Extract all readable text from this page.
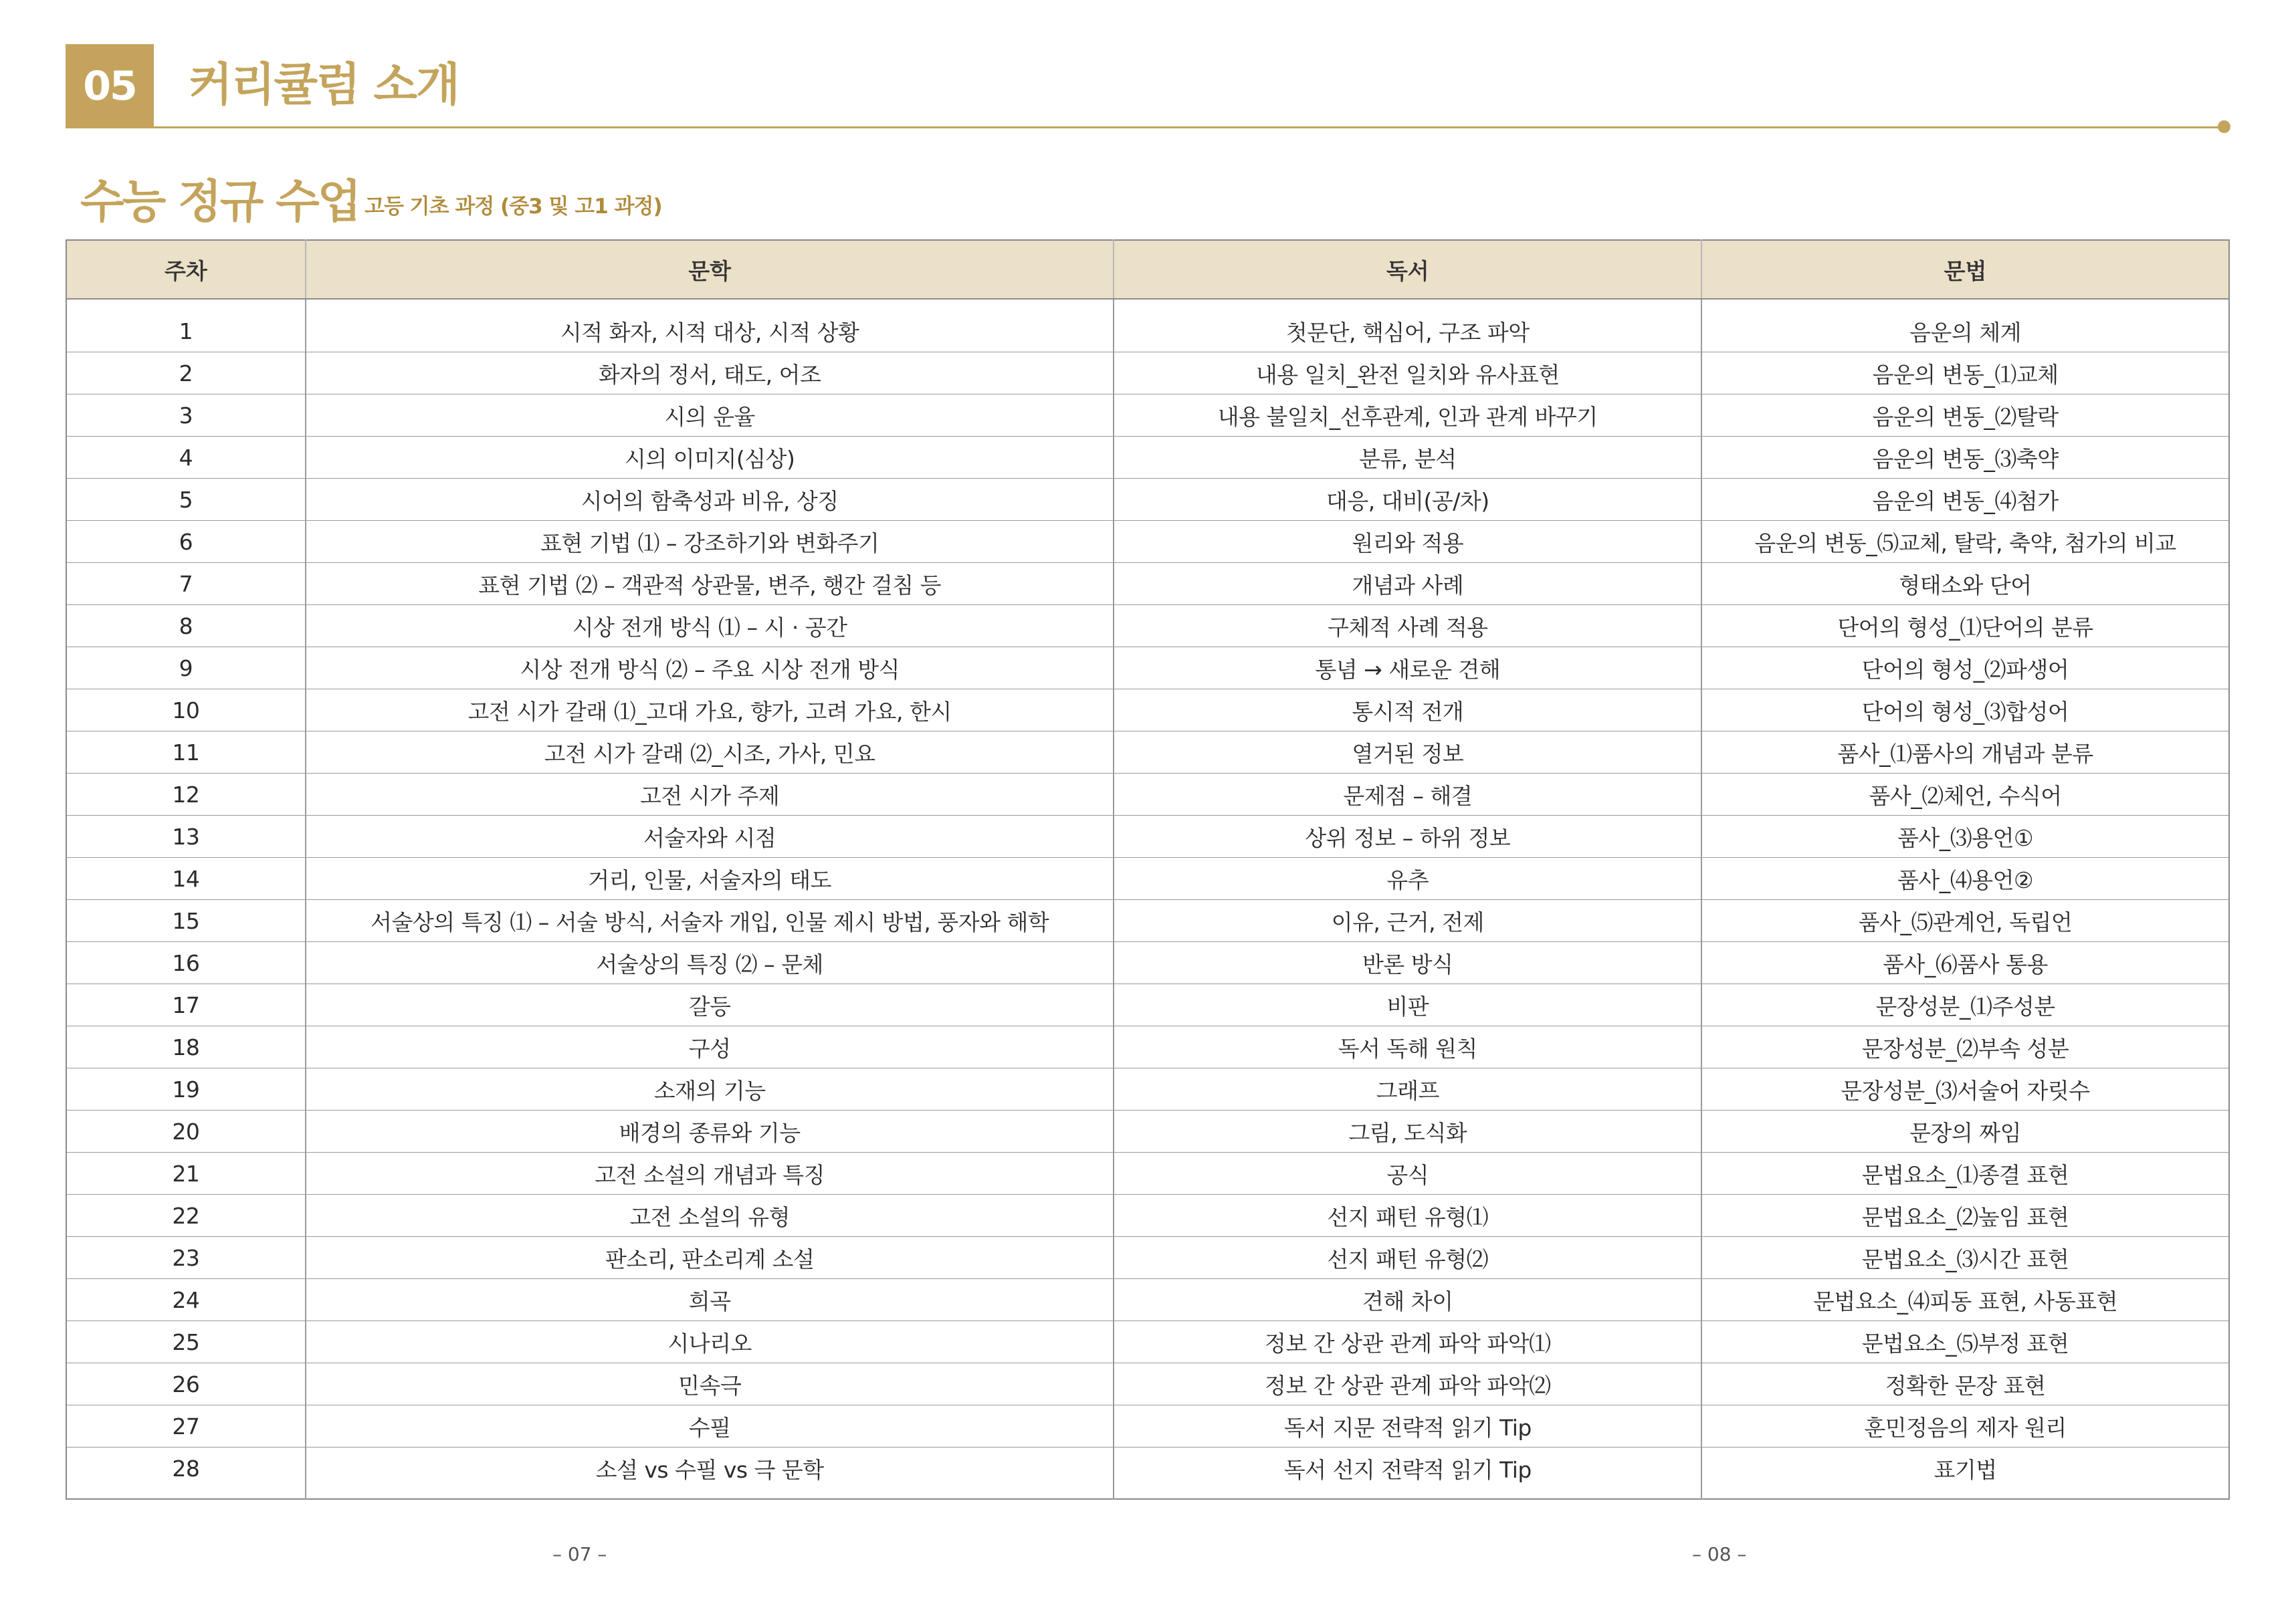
05	커리큘럼 소개
수능 정규 수업 고등 기초 과정 (중3 및 고1 과정)
주차	문학	독서	문법
1	시적 화자, 시적 대상, 시적 상황	첫문단, 핵심어, 구조 파악	음운의 체계
2	화자의 정서, 태도, 어조	내용 일치_완전 일치와 유사표현	음운의 변동_⑴교체
3	시의 운율	내용 불일치_선후관계, 인과 관계 바꾸기	음운의 변동_⑵탈락
4	시의 이미지(심상)	분류, 분석	음운의 변동_⑶축약
5	시어의 함축성과 비유, 상징	대응, 대비(공/차)	음운의 변동_⑷첨가
6	표현 기법 ⑴ – 강조하기와 변화주기	원리와 적용	음운의 변동_⑸교체, 탈락, 축약, 첨가의 비교
7	표현 기법 ⑵ – 객관적 상관물, 변주, 행간 걸침 등	개념과 사례	형태소와 단어
8	시상 전개 방식 ⑴ – 시 · 공간	구체적 사례 적용	단어의 형성_⑴단어의 분류
9	시상 전개 방식 ⑵ – 주요 시상 전개 방식	통념 → 새로운 견해	단어의 형성_⑵파생어
10	고전 시가 갈래 ⑴_고대 가요, 향가, 고려 가요, 한시	통시적 전개	단어의 형성_⑶합성어
11	고전 시가 갈래 ⑵_시조, 가사, 민요	열거된 정보	품사_⑴품사의 개념과 분류
12	고전 시가 주제	문제점 – 해결	품사_⑵체언, 수식어
13	서술자와 시점	상위 정보 – 하위 정보	품사_⑶용언①
14	거리, 인물, 서술자의 태도	유추	품사_⑷용언②
15	서술상의 특징 ⑴ – 서술 방식, 서술자 개입, 인물 제시 방법, 풍자와 해학	이유, 근거, 전제	품사_⑸관계언, 독립언
16	서술상의 특징 ⑵ – 문체	반론 방식	품사_⑹품사 통용
17	갈등	비판	문장성분_⑴주성분
18	구성	독서 독해 원칙	문장성분_⑵부속 성분
19	소재의 기능	그래프	문장성분_⑶서술어 자릿수
20	배경의 종류와 기능	그림, 도식화	문장의 짜임
21	고전 소설의 개념과 특징	공식	문법요소_⑴종결 표현
22	고전 소설의 유형	선지 패턴 유형⑴	문법요소_⑵높임 표현
23	판소리, 판소리계 소설	선지 패턴 유형⑵	문법요소_⑶시간 표현
24	희곡	견해 차이	문법요소_⑷피동 표현, 사동표현
25	시나리오	정보 간 상관 관계 파악 파악⑴	문법요소_⑸부정 표현
26	민속극	정보 간 상관 관계 파악 파악⑵	정확한 문장 표현
27	수필	독서 지문 전략적 읽기 Tip	훈민정음의 제자 원리
28	소설 vs 수필 vs 극 문학	독서 선지 전략적 읽기 Tip	표기법
– 07 –	– 08 –
